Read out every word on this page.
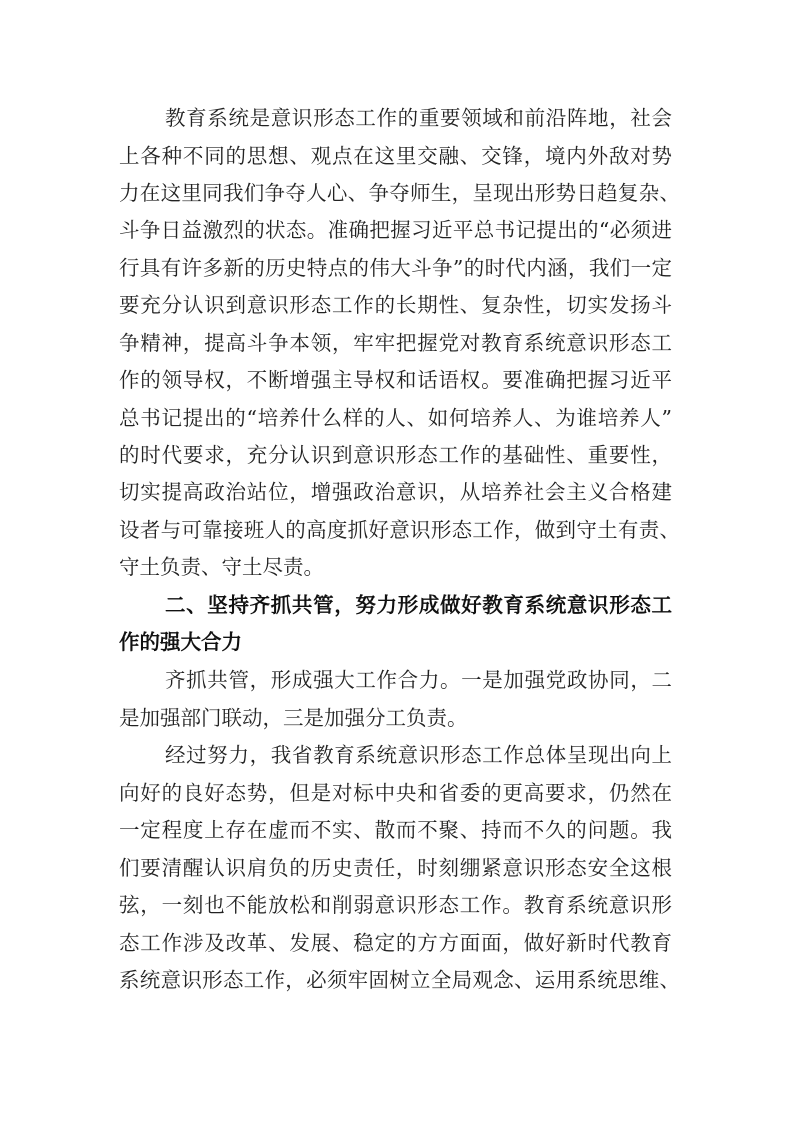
教育系统是意识形态工作的重要领域和前沿阵地，社会
上各种不同的思想、观点在这里交融、交锋，境内外敌对势
力在这里同我们争夺人心、争夺师生，呈现出形势日趋复杂、
斗争日益激烈的状态。准确把握习近平总书记提出的“必须进
行具有许多新的历史特点的伟大斗争”的时代内涵，我们一定
要充分认识到意识形态工作的长期性、复杂性，切实发扬斗
争精神，提高斗争本领，牢牢把握党对教育系统意识形态工
作的领导权，不断增强主导权和话语权。要准确把握习近平
总书记提出的“培养什么样的人、如何培养人、为谁培养人”
的时代要求，充分认识到意识形态工作的基础性、重要性，
切实提高政治站位，增强政治意识，从培养社会主义合格建
设者与可靠接班人的高度抓好意识形态工作，做到守土有责、
守土负责、守土尽责。
二、坚持齐抓共管，努力形成做好教育系统意识形态工
作的强大合力
齐抓共管，形成强大工作合力。一是加强党政协同，二
是加强部门联动，三是加强分工负责。
经过努力，我省教育系统意识形态工作总体呈现出向上
向好的良好态势，但是对标中央和省委的更高要求，仍然在
一定程度上存在虚而不实、散而不聚、持而不久的问题。我
们要清醒认识肩负的历史责任，时刻绷紧意识形态安全这根
弦，一刻也不能放松和削弱意识形态工作。教育系统意识形
态工作涉及改革、发展、稳定的方方面面，做好新时代教育
系统意识形态工作，必须牢固树立全局观念、运用系统思维、
